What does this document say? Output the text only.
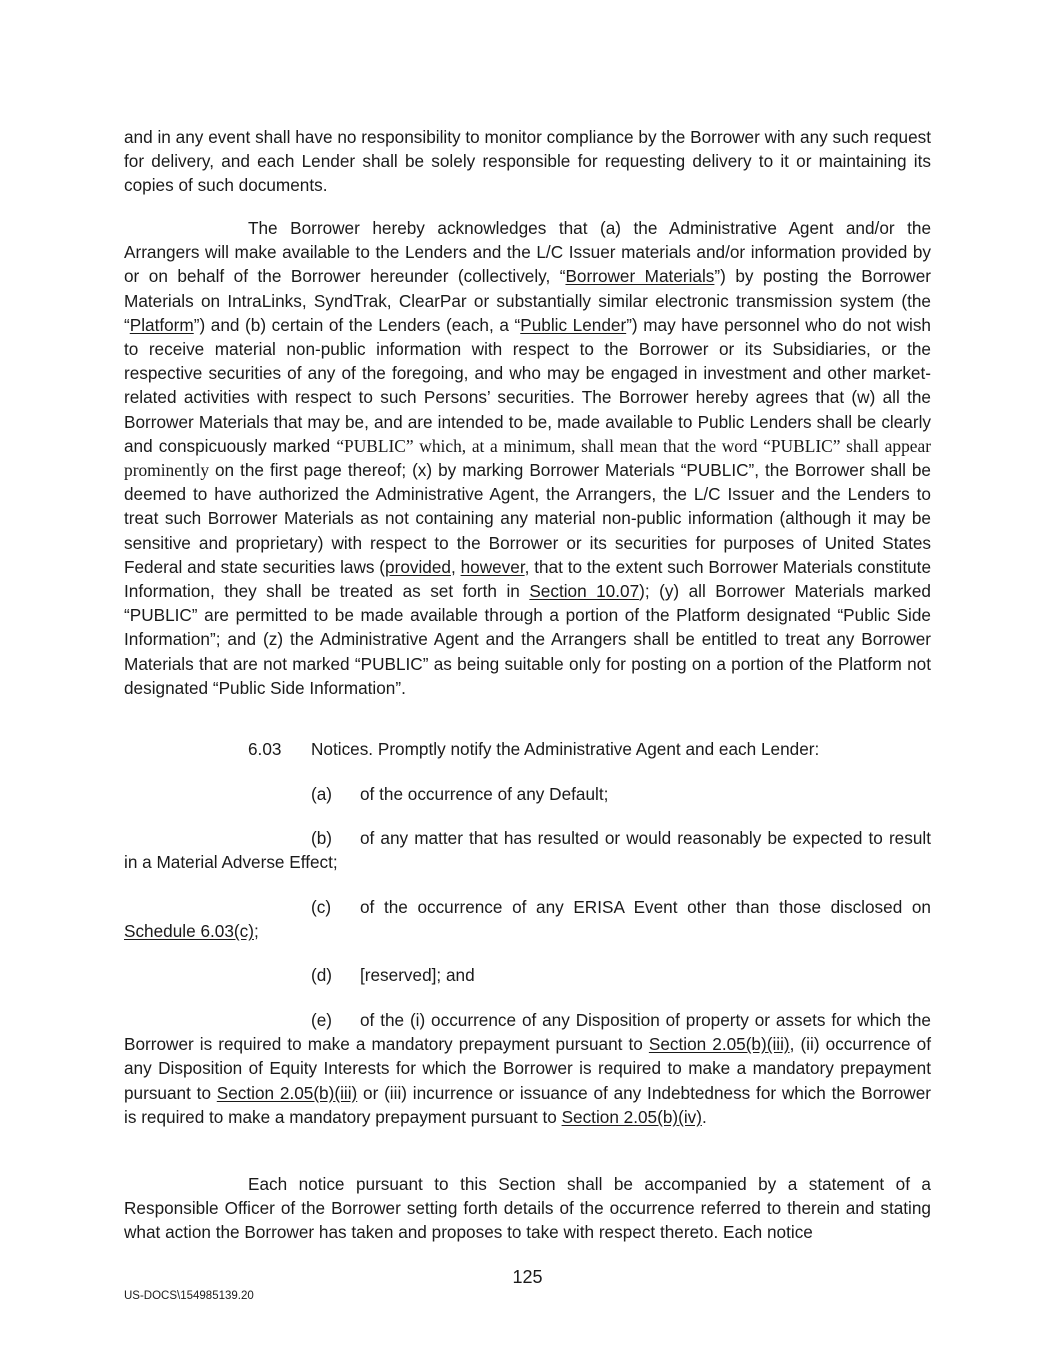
and in any event shall have no responsibility to monitor compliance by the Borrower with any such request for delivery, and each Lender shall be solely responsible for requesting delivery to it or maintaining its copies of such documents.

The Borrower hereby acknowledges that (a) the Administrative Agent and/or the Arrangers will make available to the Lenders and the L/C Issuer materials and/or information provided by or on behalf of the Borrower hereunder (collectively, “Borrower Materials”) by posting the Borrower Materials on IntraLinks, SyndTrak, ClearPar or substantially similar electronic transmission system (the “Platform”) and (b) certain of the Lenders (each, a “Public Lender”) may have personnel who do not wish to receive material non-public information with respect to the Borrower or its Subsidiaries, or the respective securities of any of the foregoing, and who may be engaged in investment and other market-related activities with respect to such Persons’ securities. The Borrower hereby agrees that (w) all the Borrower Materials that may be, and are intended to be, made available to Public Lenders shall be clearly and conspicuously marked “PUBLIC” which, at a minimum, shall mean that the word “PUBLIC” shall appear prominently on the first page thereof; (x) by marking Borrower Materials “PUBLIC”, the Borrower shall be deemed to have authorized the Administrative Agent, the Arrangers, the L/C Issuer and the Lenders to treat such Borrower Materials as not containing any material non-public information (although it may be sensitive and proprietary) with respect to the Borrower or its securities for purposes of United States Federal and state securities laws (provided, however, that to the extent such Borrower Materials constitute Information, they shall be treated as set forth in Section 10.07); (y) all Borrower Materials marked “PUBLIC” are permitted to be made available through a portion of the Platform designated “Public Side Information”; and (z) the Administrative Agent and the Arrangers shall be entitled to treat any Borrower Materials that are not marked “PUBLIC” as being suitable only for posting on a portion of the Platform not designated “Public Side Information”.

6.03 Notices. Promptly notify the Administrative Agent and each Lender:
(a) of the occurrence of any Default;

(b) of any matter that has resulted or would reasonably be expected to result in a Material Adverse Effect;

(c) of the occurrence of any ERISA Event other than those disclosed on Schedule 6.03(c);

(d) [reserved]; and

(e) of the (i) occurrence of any Disposition of property or assets for which the Borrower is required to make a mandatory prepayment pursuant to Section 2.05(b)(iii), (ii) occurrence of any Disposition of Equity Interests for which the Borrower is required to make a mandatory prepayment pursuant to Section 2.05(b)(iii) or (iii) incurrence or issuance of any Indebtedness for which the Borrower is required to make a mandatory prepayment pursuant to Section 2.05(b)(iv).

Each notice pursuant to this Section shall be accompanied by a statement of a Responsible Officer of the Borrower setting forth details of the occurrence referred to therein and stating what action the Borrower has taken and proposes to take with respect thereto. Each notice

125
US-DOCS\154985139.20
